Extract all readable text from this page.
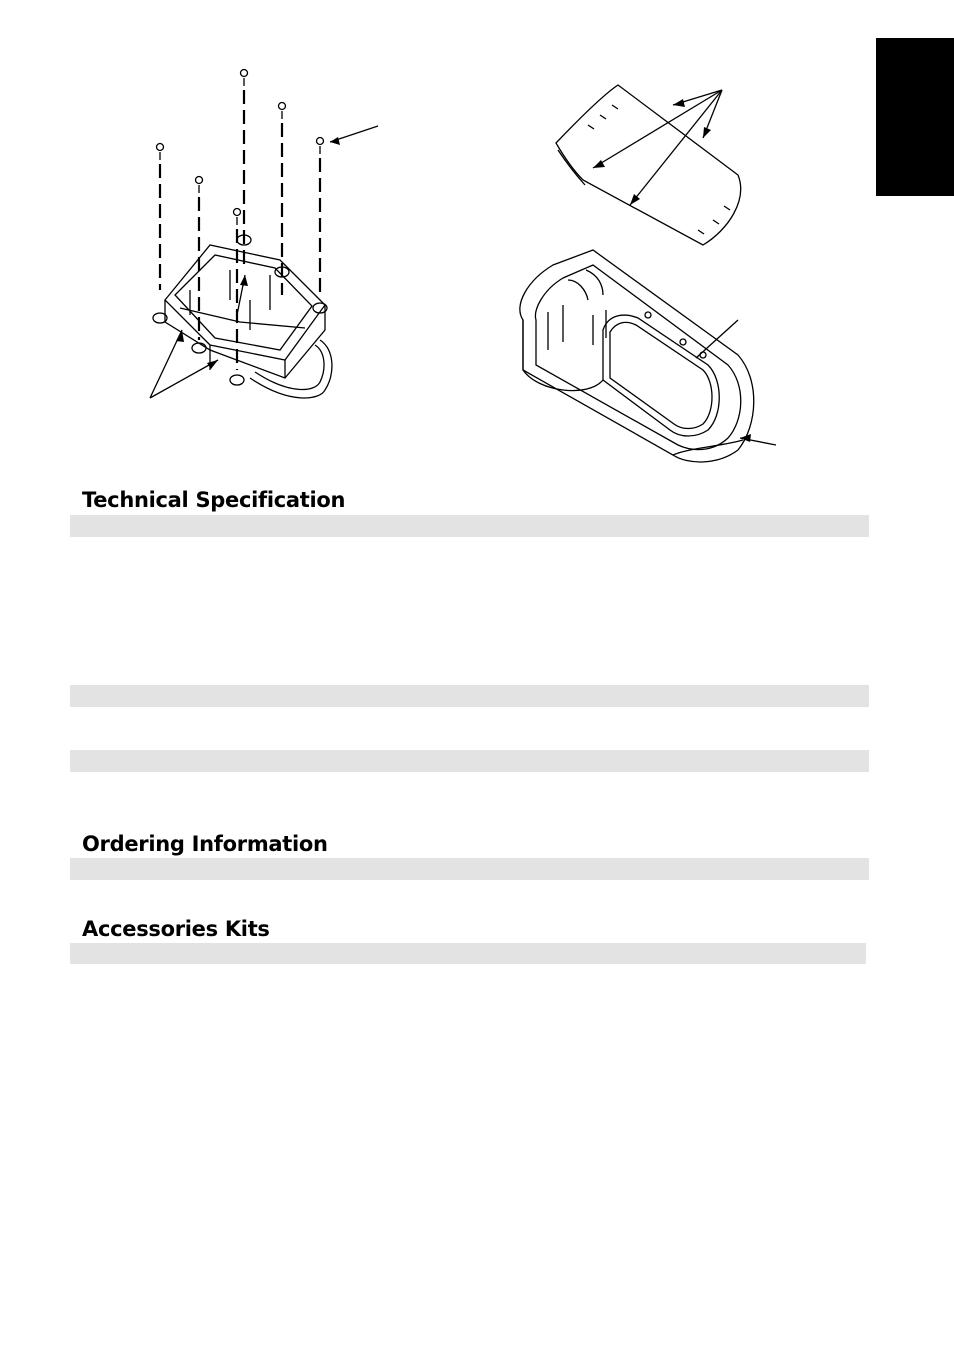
Technical Specification
Ordering Information
Accessories Kits
